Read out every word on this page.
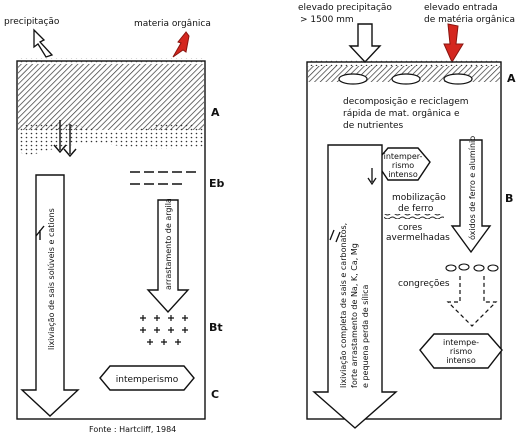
precipitação	materia orgânica
A
Eb
Bt
C
lixiviação de sais solúveis e cations	arrastamento de argila
intemperismo
Fonte : Hartcliff, 1984
elevado precipitação
> 1500 mm
elevado entrada
de matéria orgânica
A
B
decomposição e reciclagem
rápida de mat. orgânica e
de nutrientes
intemper-
rismo
intenso
mobilização
de ferro
cores
avermelhadas óxidos de ferro e alumínio
congreções
intempe-
rismo
intenso
lixiviação completa de sais e carbonatos, forte arrastamento de Na, K, Ca, Mg e pequena perda de sílica
